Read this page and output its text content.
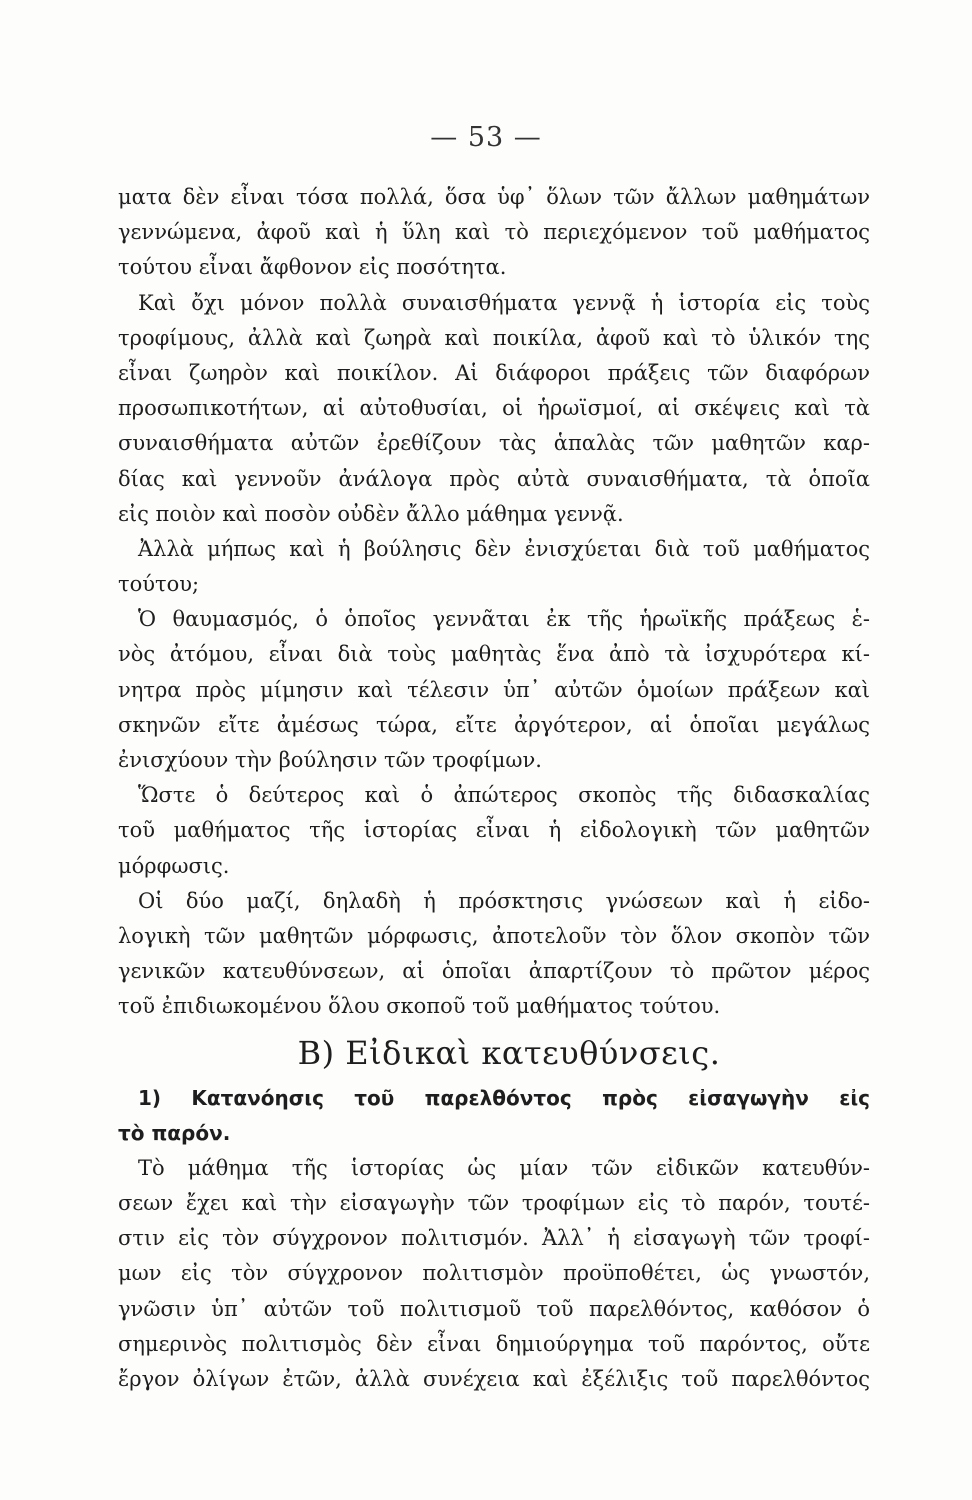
— 53 —
ματα δὲν εἶναι τόσα πολλά, ὅσα ὑφ᾽ ὅλων τῶν ἄλλων μαθημάτων
γεννώμενα, ἀφοῦ καὶ ἡ ὕλη καὶ τὸ περιεχόμενον τοῦ μαθήματος
τούτου εἶναι ἄφθονον εἰς ποσότητα.
Καὶ ὄχι μόνον πολλὰ συναισθήματα γεννᾷ ἡ ἱστορία εἰς τοὺς
τροφίμους, ἀλλὰ καὶ ζωηρὰ καὶ ποικίλα, ἀφοῦ καὶ τὸ ὑλικόν της
εἶναι ζωηρὸν καὶ ποικίλον. Αἱ διάφοροι πράξεις τῶν διαφόρων
προσωπικοτήτων, αἱ αὐτοθυσίαι, οἱ ἡρωϊσμοί, αἱ σκέψεις καὶ τὰ
συναισθήματα αὐτῶν ἐρεθίζουν τὰς ἁπαλὰς τῶν μαθητῶν καρ-
δίας καὶ γεννοῦν ἀνάλογα πρὸς αὐτὰ συναισθήματα, τὰ ὁποῖα
εἰς ποιὸν καὶ ποσὸν οὐδὲν ἄλλο μάθημα γεννᾷ.
Ἀλλὰ μήπως καὶ ἡ βούλησις δὲν ἐνισχύεται διὰ τοῦ μαθήματος
τούτου;
Ὁ θαυμασμός, ὁ ὁποῖος γεννᾶται ἐκ τῆς ἡρωϊκῆς πράξεως ἑ-
νὸς ἀτόμου, εἶναι διὰ τοὺς μαθητὰς ἕνα ἀπὸ τὰ ἰσχυρότερα κί-
νητρα πρὸς μίμησιν καὶ τέλεσιν ὑπ᾽ αὐτῶν ὁμοίων πράξεων καὶ
σκηνῶν εἴτε ἀμέσως τώρα, εἴτε ἀργότερον, αἱ ὁποῖαι μεγάλως
ἐνισχύουν τὴν βούλησιν τῶν τροφίμων.
Ὥστε ὁ δεύτερος καὶ ὁ ἀπώτερος σκοπὸς τῆς διδασκαλίας
τοῦ μαθήματος τῆς ἱστορίας εἶναι ἡ εἰδολογικὴ τῶν μαθητῶν
μόρφωσις.
Οἱ δύο μαζί, δηλαδὴ ἡ πρόσκτησις γνώσεων καὶ ἡ εἰδο-
λογικὴ τῶν μαθητῶν μόρφωσις, ἀποτελοῦν τὸν ὅλον σκοπὸν τῶν
γενικῶν κατευθύνσεων, αἱ ὁποῖαι ἀπαρτίζουν τὸ πρῶτον μέρος
τοῦ ἐπιδιωκομένου ὅλου σκοποῦ τοῦ μαθήματος τούτου.
Β) Εἰδικαὶ κατευθύνσεις.
1) Κατανόησις τοῦ παρελθόντος πρὸς εἰσαγωγὴν εἰς
τὸ παρόν.
Τὸ μάθημα τῆς ἱστορίας ὡς μίαν τῶν εἰδικῶν κατευθύν-
σεων ἔχει καὶ τὴν εἰσαγωγὴν τῶν τροφίμων εἰς τὸ παρόν, τουτέ-
στιν εἰς τὸν σύγχρονον πολιτισμόν. Ἀλλ᾽ ἡ εἰσαγωγὴ τῶν τροφί-
μων εἰς τὸν σύγχρονον πολιτισμὸν προϋποθέτει, ὡς γνωστόν,
γνῶσιν ὑπ᾽ αὐτῶν τοῦ πολιτισμοῦ τοῦ παρελθόντος, καθόσον ὁ
σημερινὸς πολιτισμὸς δὲν εἶναι δημιούργημα τοῦ παρόντος, οὔτε
ἔργον ὀλίγων ἐτῶν, ἀλλὰ συνέχεια καὶ ἐξέλιξις τοῦ παρελθόντος
